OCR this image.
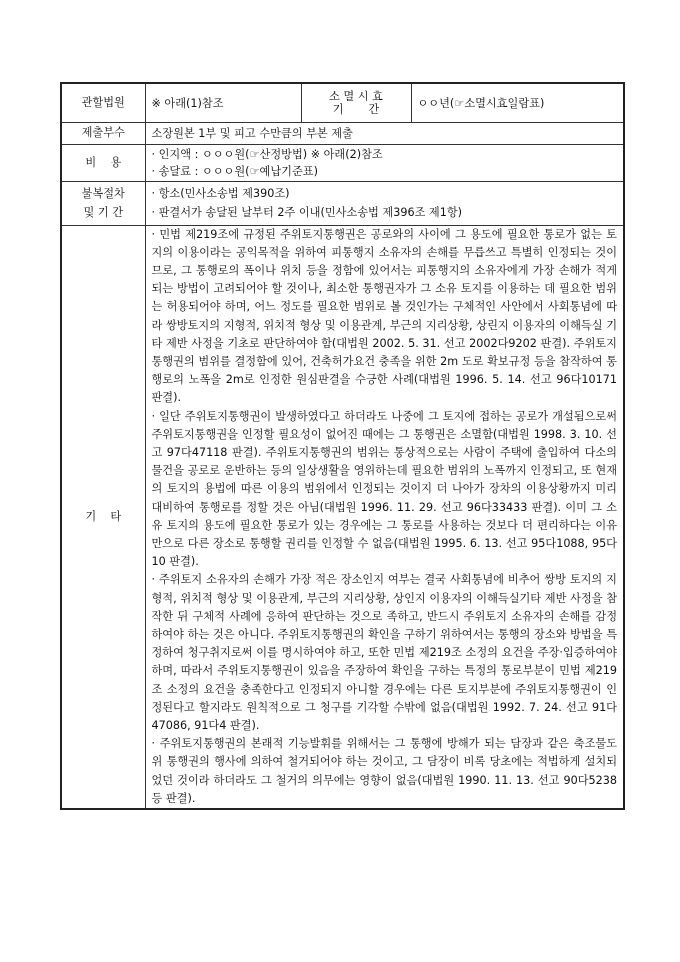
관할법원	※ 아래(1)참조	소 멸 시 효
기       간	ㅇㅇ년(☞소멸시효일람표)
제출부수	소장원본 1부 및 피고 수만큼의 부본 제출		
비    용	· 인지액 : ㅇㅇㅇ원(☞산정방법) ※ 아래(2)참조
· 송달료 : ㅇㅇㅇ원(☞예납기준표)		

불복절차
및 기 간	· 항소(민사소송법 제390조)
· 판결서가 송달된 날부터 2주 이내(민사소송법 제396조 제1항)		

기    타	· 민법 제219조에 규정된 주위토지통행권은 공로와의 사이에 그 용도에 필요한 통로가 없는 토지의 이용이라는 공익목적을 위하여 피통행지 소유자의 손해를 무릅쓰고 특별히 인정되는 것이므로, 그 통행로의 폭이나 위치 등을 정함에 있어서는 피통행지의 소유자에게 가장 손해가 적게 되는 방법이 고려되어야 할 것이나, 최소한 통행권자가 그 소유 토지를 이용하는 데 필요한 범위는 허용되어야 하며, 어느 정도를 필요한 범위로 볼 것인가는 구체적인 사안에서 사회통념에 따라 쌍방토지의 지형적, 위치적 형상 및 이용관계, 부근의 지리상황, 상린지 이용자의 이해득실 기타 제반 사정을 기초로 판단하여야 함(대법원 2002. 5. 31. 선고 2002다9202 판결). 주위토지통행권의 범위를 결정함에 있어, 건축허가요건 충족을 위한 2m 도로 확보규정 등을 참작하여 통행로의 노폭을 2m로 인정한 원심판결을 수긍한 사례(대법원 1996. 5. 14. 선고 96다10171 판결).
· 일단 주위토지통행권이 발생하였다고 하더라도 나중에 그 토지에 접하는 공로가 개설됨으로써 주위토지통행권을 인정할 필요성이 없어진 때에는 그 통행권은 소멸함(대법원 1998. 3. 10. 선고 97다47118 판결). 주위토지통행권의 범위는 통상적으로는 사람이 주택에 출입하여 다소의 물건을 공로로 운반하는 등의 일상생활을 영위하는데 필요한 범위의 노폭까지 인정되고, 또 현재의 토지의 용법에 따른 이용의 범위에서 인정되는 것이지 더 나아가 장차의 이용상황까지 미리 대비하여 통행로를 정할 것은 아님(대법원 1996. 11. 29. 선고 96다33433 판결). 이미 그 소유 토지의 용도에 필요한 통로가 있는 경우에는 그 통로를 사용하는 것보다 더 편리하다는 이유만으로 다른 장소로 통행할 권리를 인정할 수 없음(대법원 1995. 6. 13. 선고 95다1088, 95다10 판결).
· 주위토지 소유자의 손해가 가장 적은 장소인지 여부는 결국 사회통념에 비추어 쌍방 토지의 지형적, 위치적 형상 및 이용관계, 부근의 지리상황, 상인지 이용자의 이해득실기타 제반 사정을 참작한 뒤 구체적 사례에 응하여 판단하는 것으로 족하고, 반드시 주위토지 소유자의 손해를 감정하여야 하는 것은 아니다. 주위토지통행권의 확인을 구하기 위하여서는 통행의 장소와 방법을 특정하여 청구취지로써 이를 명시하여야 하고, 또한 민법 제219조 소정의 요건을 주장·입증하여야 하며, 따라서 주위토지통행권이 있음을 주장하여 확인을 구하는 특정의 통로부분이 민법 제219조 소정의 요건을 충족한다고 인정되지 아니할 경우에는 다른 토지부분에 주위토지통행권이 인정된다고 할지라도 원칙적으로 그 청구를 기각할 수밖에 없음(대법원 1992. 7. 24. 선고 91다47086, 91다4 판결).
· 주위토지통행권의 본래적 기능발휘를 위해서는 그 통행에 방해가 되는 담장과 같은 축조물도 위 통행권의 행사에 의하여 철거되어야 하는 것이고, 그 담장이 비록 당초에는 적법하게 설치되었던 것이라 하더라도 그 철거의 의무에는 영향이 없음(대법원 1990. 11. 13. 선고 90다5238 등 판결).		
